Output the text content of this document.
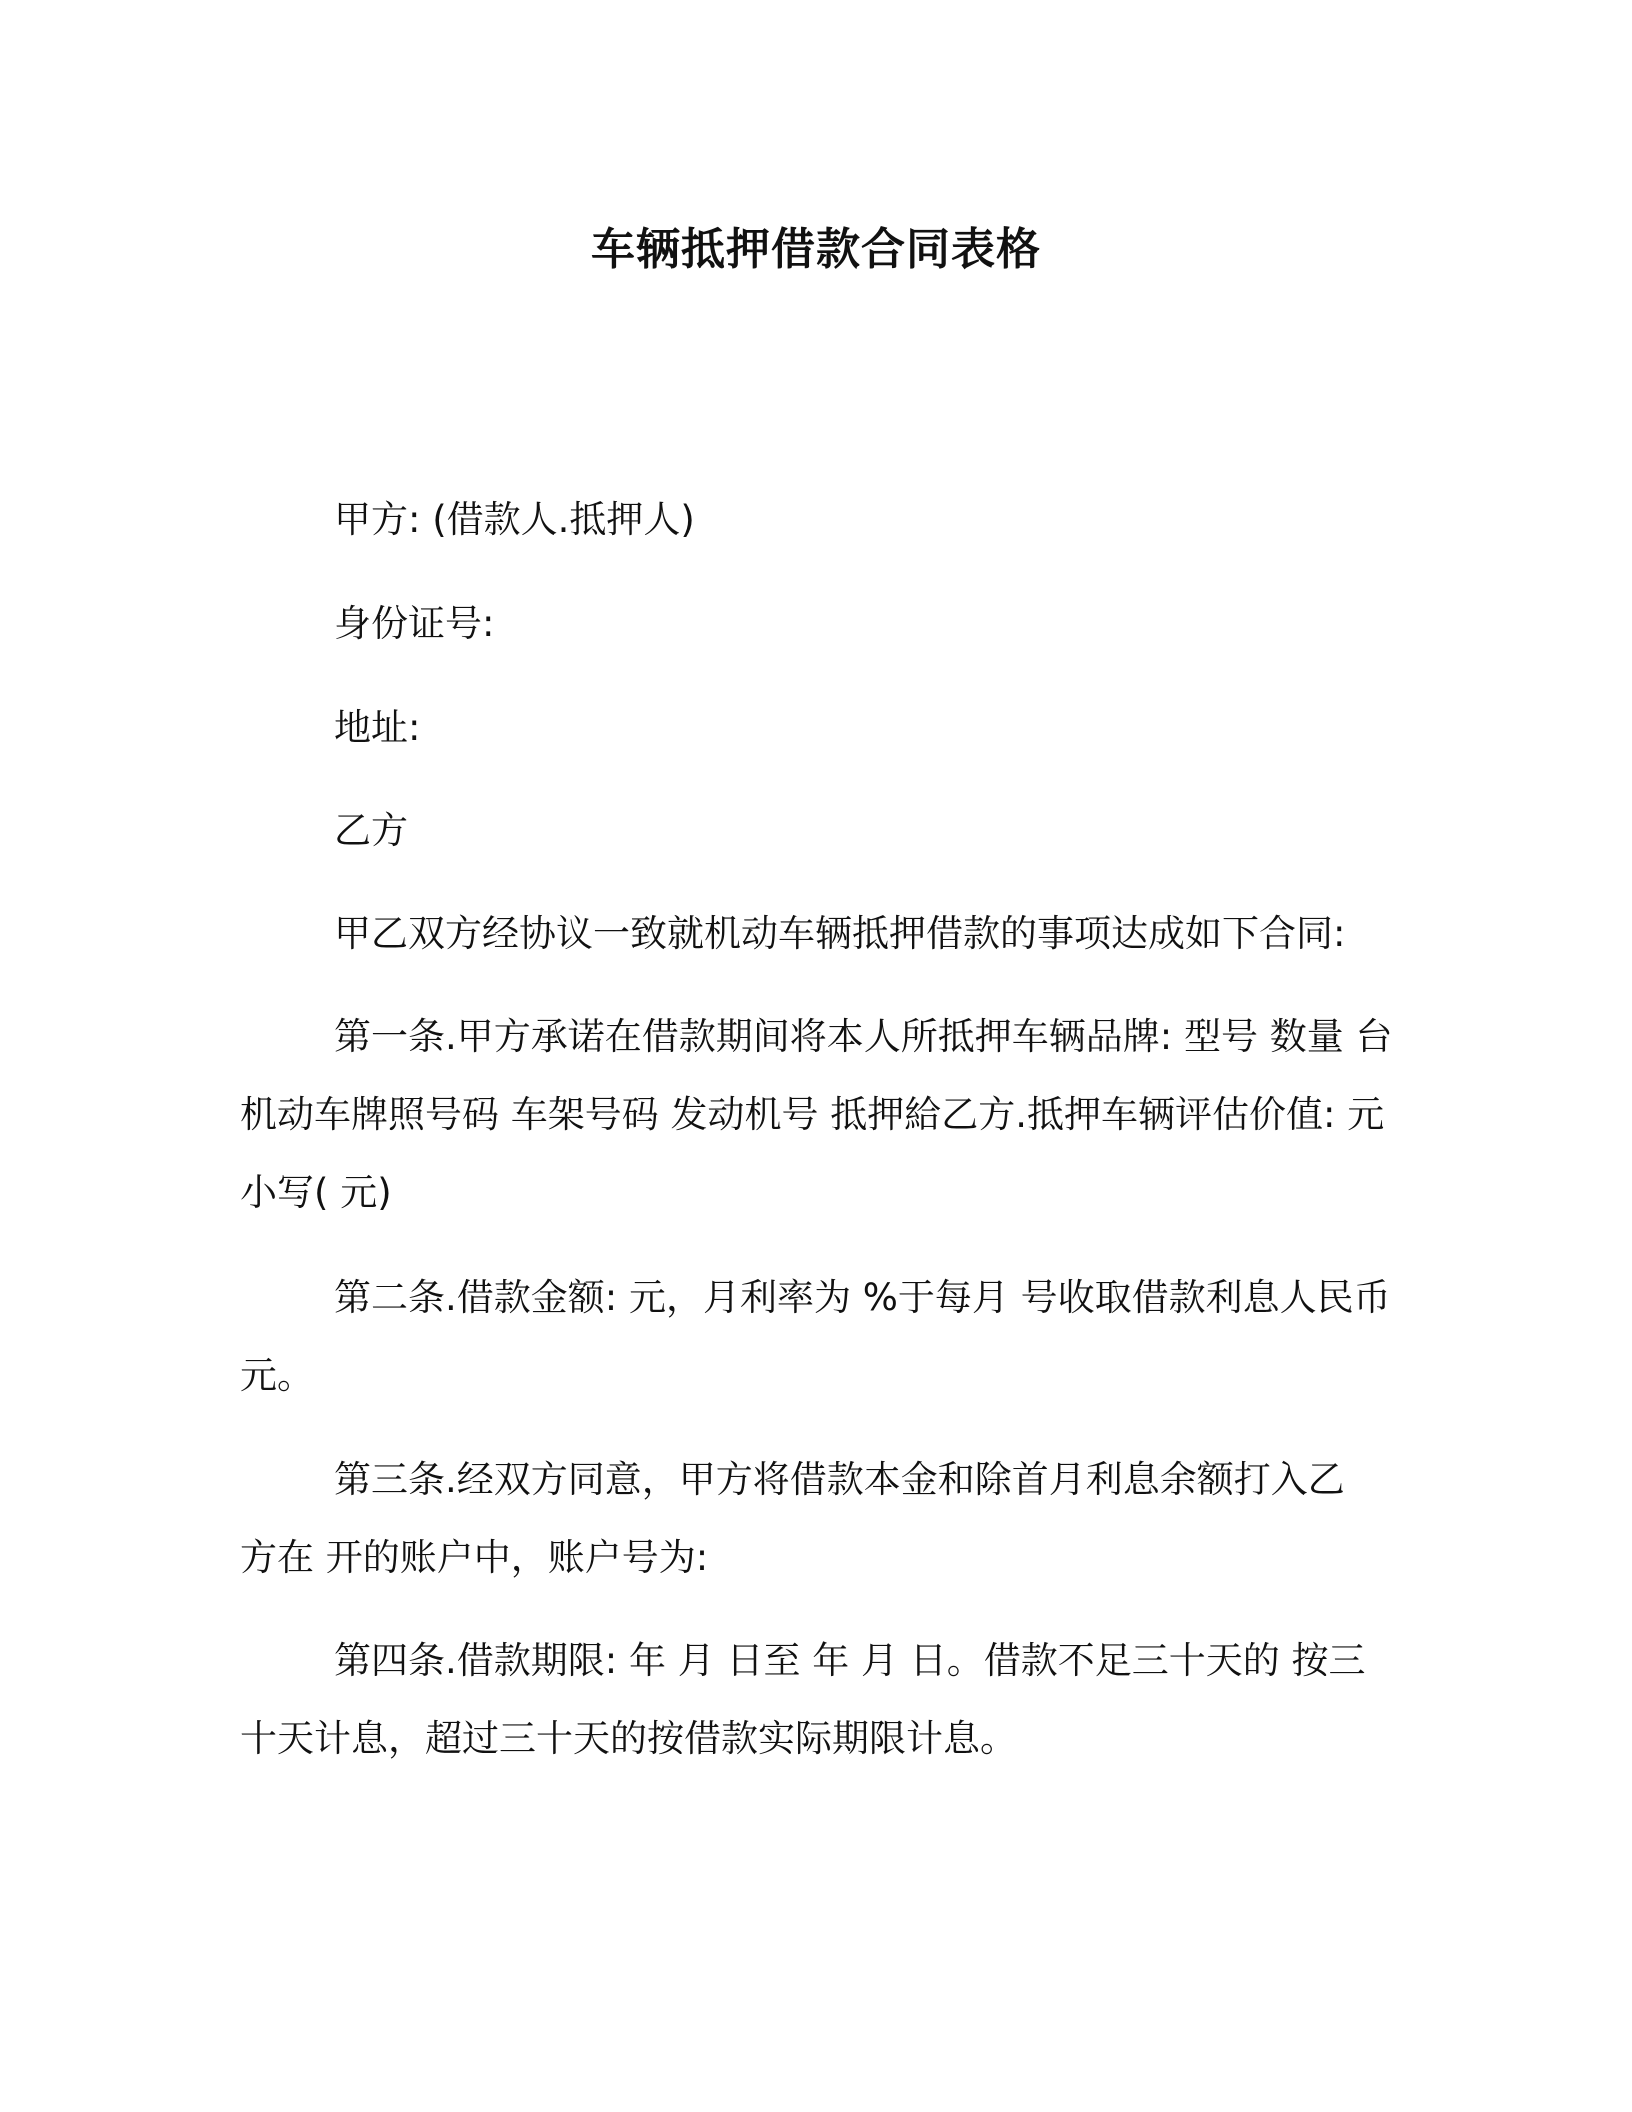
车辆抵押借款合同表格
甲方: (借款人.抵押人)
身份证号:
地址:
乙方
甲乙双方经协议一致就机动车辆抵押借款的事项达成如下合同:
第一条.甲方承诺在借款期间将本人所抵押车辆品牌: 型号 数量 台
机动车牌照号码 车架号码 发动机号 抵押給乙方.抵押车辆评估价值: 元
小写( 元)
第二条.借款金额: 元，月利率为 %于每月 号收取借款利息人民币
元。
第三条.经双方同意，甲方将借款本金和除首月利息余额打入乙
方在 开的账户中，账户号为:
第四条.借款期限: 年 月 日至 年 月 日。借款不足三十天的 按三
十天计息，超过三十天的按借款实际期限计息。
